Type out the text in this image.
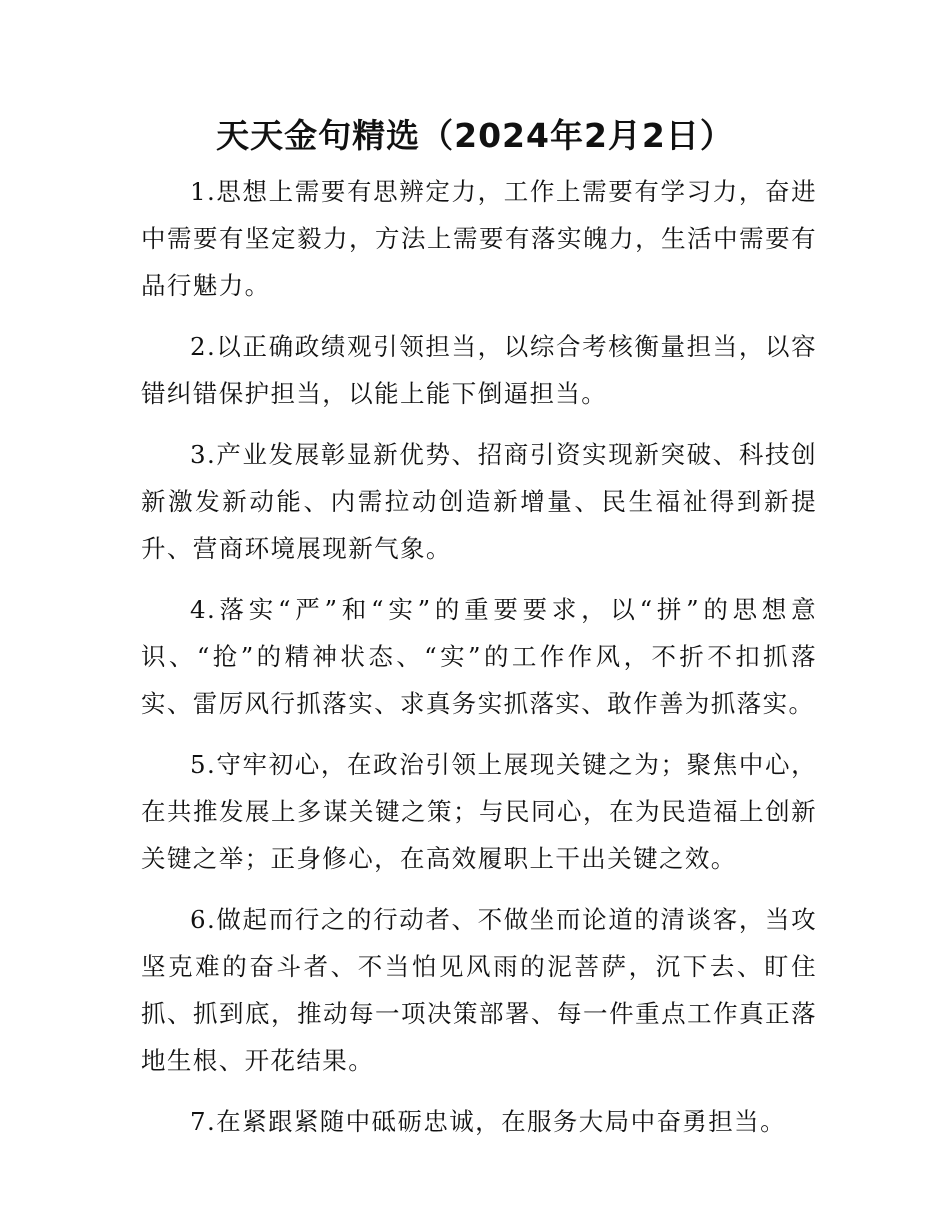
天天金句精选（2024年2月2日）

1.思想上需要有思辨定力，工作上需要有学习力，奋进中需要有坚定毅力，方法上需要有落实魄力，生活中需要有品行魅力。

2.以正确政绩观引领担当，以综合考核衡量担当，以容错纠错保护担当，以能上能下倒逼担当。

3.产业发展彰显新优势、招商引资实现新突破、科技创新激发新动能、内需拉动创造新增量、民生福祉得到新提升、营商环境展现新气象。

4.落实“严”和“实”的重要要求，以“拼”的思想意识、“抢”的精神状态、“实”的工作作风，不折不扣抓落实、雷厉风行抓落实、求真务实抓落实、敢作善为抓落实。

5.守牢初心，在政治引领上展现关键之为；聚焦中心，在共推发展上多谋关键之策；与民同心，在为民造福上创新关键之举；正身修心，在高效履职上干出关键之效。

6.做起而行之的行动者、不做坐而论道的清谈客，当攻坚克难的奋斗者、不当怕见风雨的泥菩萨，沉下去、盯住抓、抓到底，推动每一项决策部署、每一件重点工作真正落地生根、开花结果。

7.在紧跟紧随中砥砺忠诚，在服务大局中奋勇担当。
